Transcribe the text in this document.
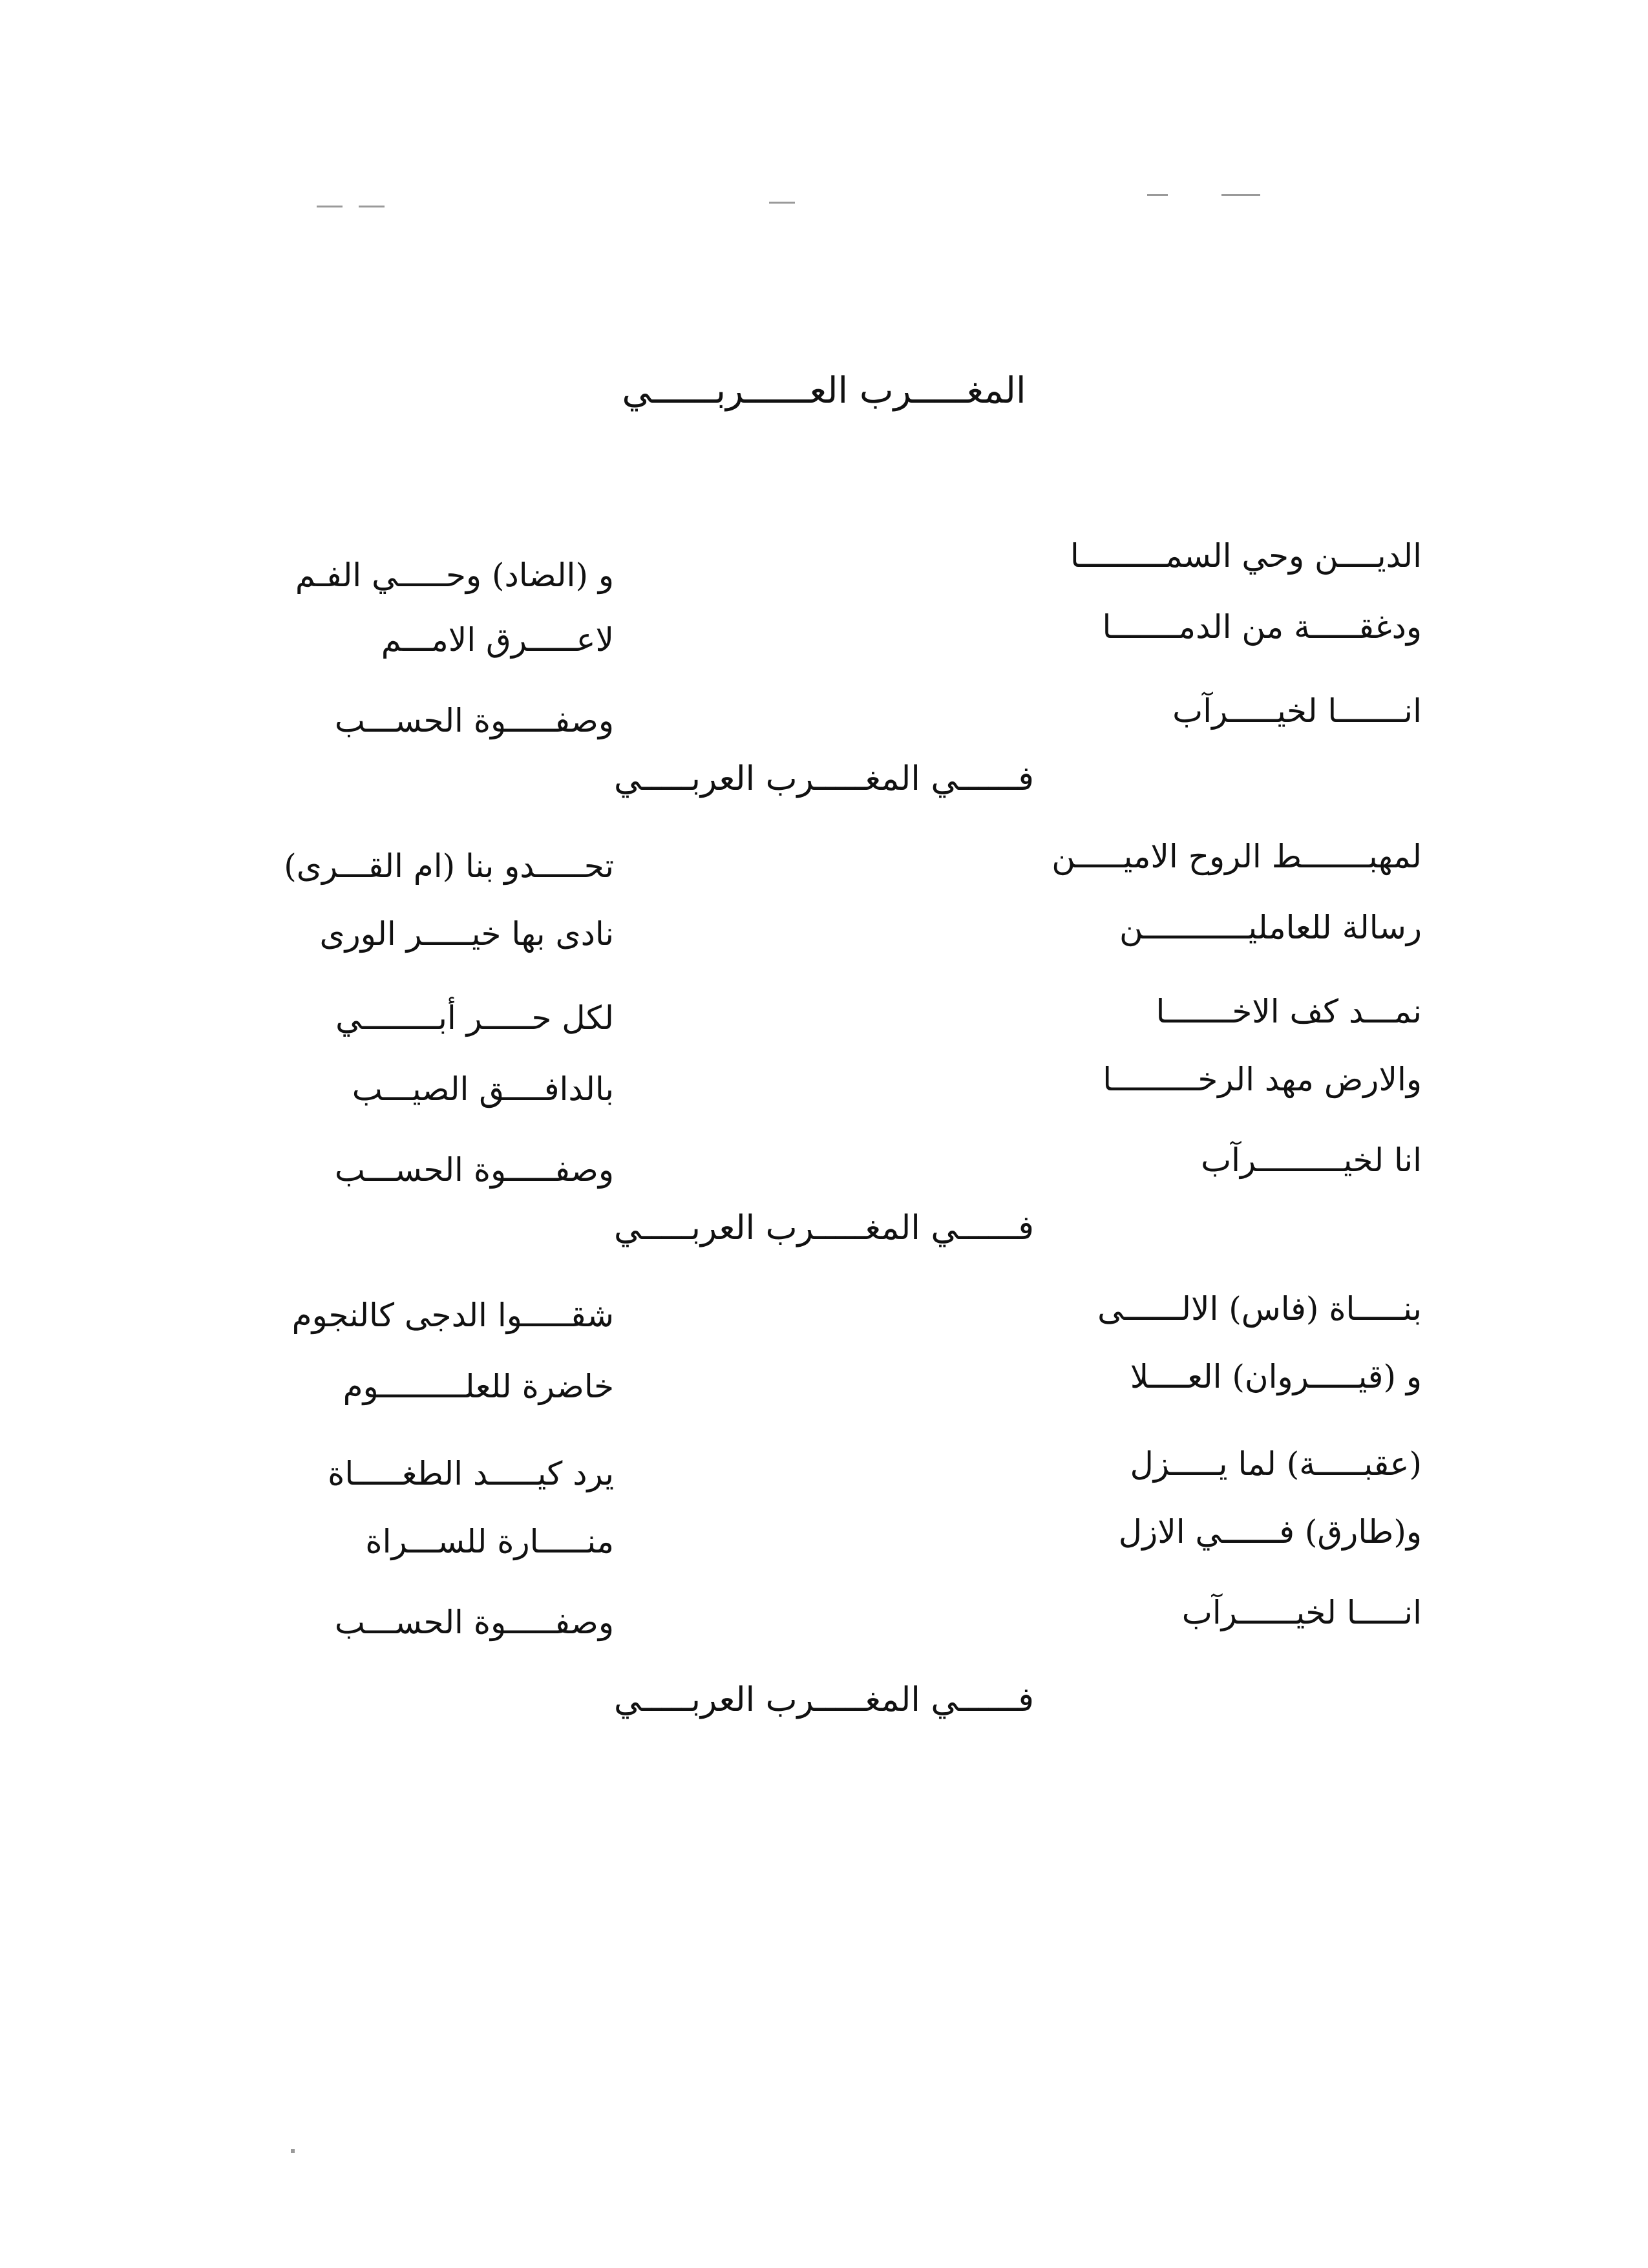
المغـــــرب العــــــربــــــي
الديــــن وحي السمـــــــــا
و (الضاد) وحـــــي الفـم
ودغقـــــة من الدمـــــــا
لاعـــــرق الامـــم
انـــــــا لخيـــــرآب
وصفـــــوة الحســـب
فــــــي المغـــــرب العربـــــي
لمهبـــــــط الروح الاميـــــن
تحـــــدو بنا (ام القـــرى)
رسالة للعامليـــــــــــن
نادى بها خيـــــر الورى
نمـــد كف الاخـــــــا
لكل حـــــر أبــــــــي
والارض مهد الرخـــــــــا
بالدافــــق الصيـــب
انا لخيـــــــــرآب
وصفـــــوة الحســـب
فــــــي المغـــــرب العربـــــي
بنـــــاة (فاس) الالــــــى
شقـــــوا الدجى كالنجوم
و (قيـــــروان) العــــلا
خاضرة للعلـــــــــوم
(عقبـــــة) لما يـــــزل
يرد كيـــــد الطغـــــاة
و(طارق) فــــــي الازل
منـــــارة للســـراة
انـــــا لخيــــــرآب
وصفـــــوة الحســـب
فــــــي المغـــــرب العربـــــي
